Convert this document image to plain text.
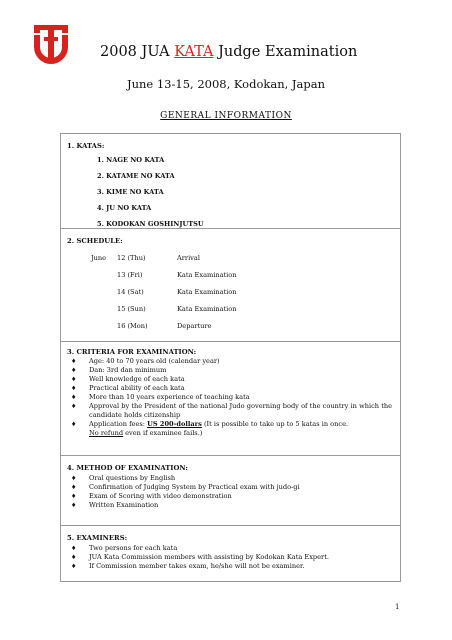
2008 JUA KATA Judge Examination
June 13-15, 2008, Kodokan, Japan
GENERAL INFORMATION
1. KATAS:
1. NAGE NO KATA
2. KATAME NO KATA
3. KIME NO KATA
4. JU NO KATA
5. KODOKAN GOSHINJUTSU
2. SCHEDULE:
June 12 (Thu)	Arrival
13 (Fri)	Kata Examination
14 (Sat)	Kata Examination
15 (Sun)	Kata Examination
16 (Mon)	Departure
3. CRITERIA FOR EXAMINATION:
♦ Age: 40 to 70 years old (calendar year)
♦ Dan: 3rd dan minimum
♦ Well knowledge of each kata
♦ Practical ability of each kata
♦ More than 10 years experience of teaching kata
♦ Approval by the President of the national Judo governing body of the country in which the candidate holds citizenship
♦ Application fees: US 200-dollars (It is possible to take up to 5 katas in once.
No refund even if examinee fails.)
4. METHOD OF EXAMINATION:
♦ Oral questions by English
♦ Confirmation of Judging System by Practical exam with judo-gi
♦ Exam of Scoring with video demonstration
♦ Written Examination
5. EXAMINERS:
♦ Two persons for each kata
♦ JUA Kata Commission members with assisting by Kodokan Kata Expert.
♦ If Commission member takes exam, he/she will not be examiner.
1
